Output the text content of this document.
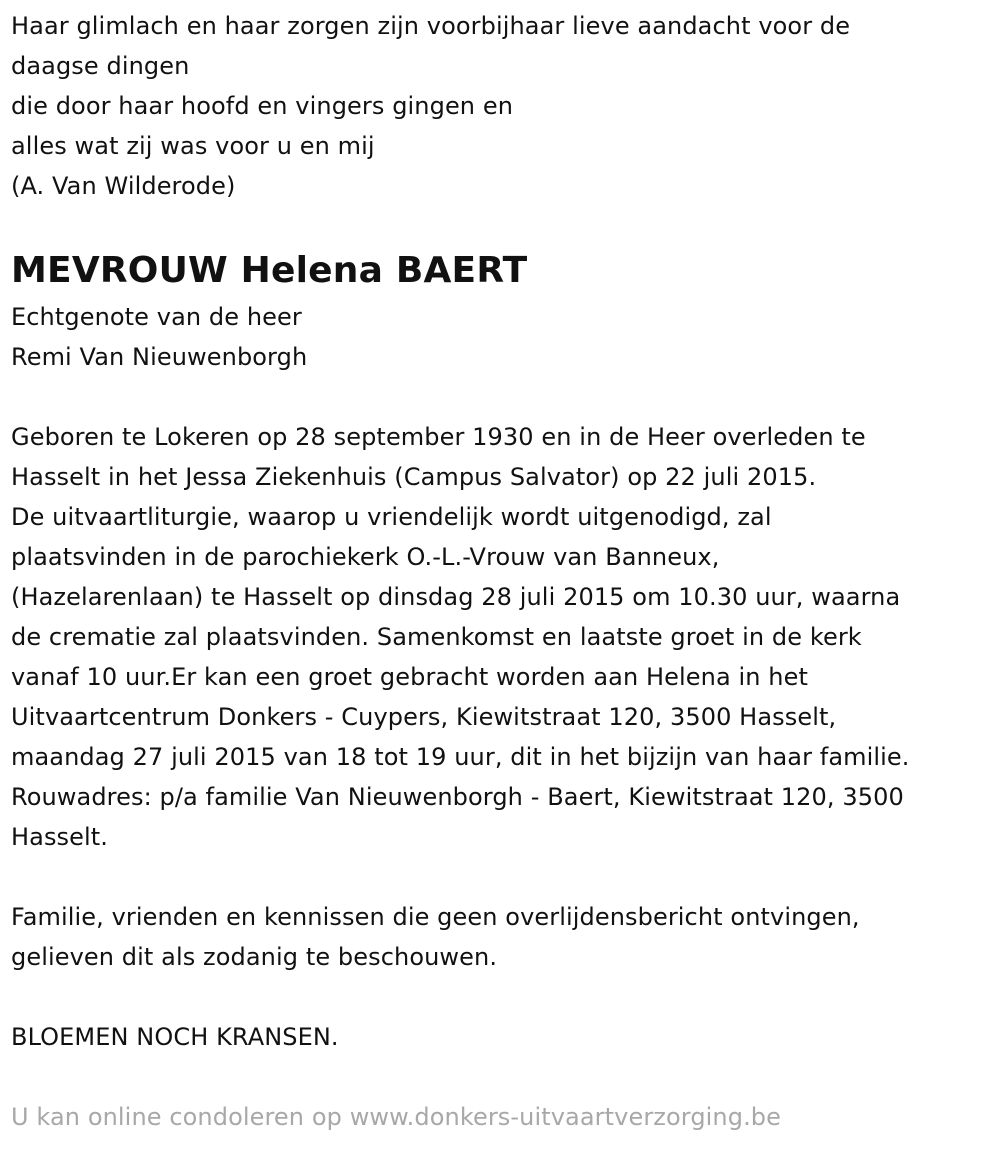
Haar glimlach en haar zorgen zijn voorbijhaar lieve aandacht voor de
daagse dingen
die door haar hoofd en vingers gingen en
alles wat zij was voor u en mij
(A. Van Wilderode)
MEVROUW Helena BAERT
Echtgenote van de heer
Remi Van Nieuwenborgh
Geboren te Lokeren op 28 september 1930 en in de Heer overleden te
Hasselt in het Jessa Ziekenhuis (Campus Salvator) op 22 juli 2015.
De uitvaartliturgie, waarop u vriendelijk wordt uitgenodigd, zal
plaatsvinden in de parochiekerk O.-L.-Vrouw van Banneux,
(Hazelarenlaan) te Hasselt op dinsdag 28 juli 2015 om 10.30 uur, waarna
de crematie zal plaatsvinden. Samenkomst en laatste groet in de kerk
vanaf 10 uur.Er kan een groet gebracht worden aan Helena in het
Uitvaartcentrum Donkers - Cuypers, Kiewitstraat 120, 3500 Hasselt,
maandag 27 juli 2015 van 18 tot 19 uur, dit in het bijzijn van haar familie.
Rouwadres: p/a familie Van Nieuwenborgh - Baert, Kiewitstraat 120, 3500
Hasselt.
Familie, vrienden en kennissen die geen overlijdensbericht ontvingen,
gelieven dit als zodanig te beschouwen.
BLOEMEN NOCH KRANSEN.
U kan online condoleren op www.donkers-uitvaartverzorging.be
